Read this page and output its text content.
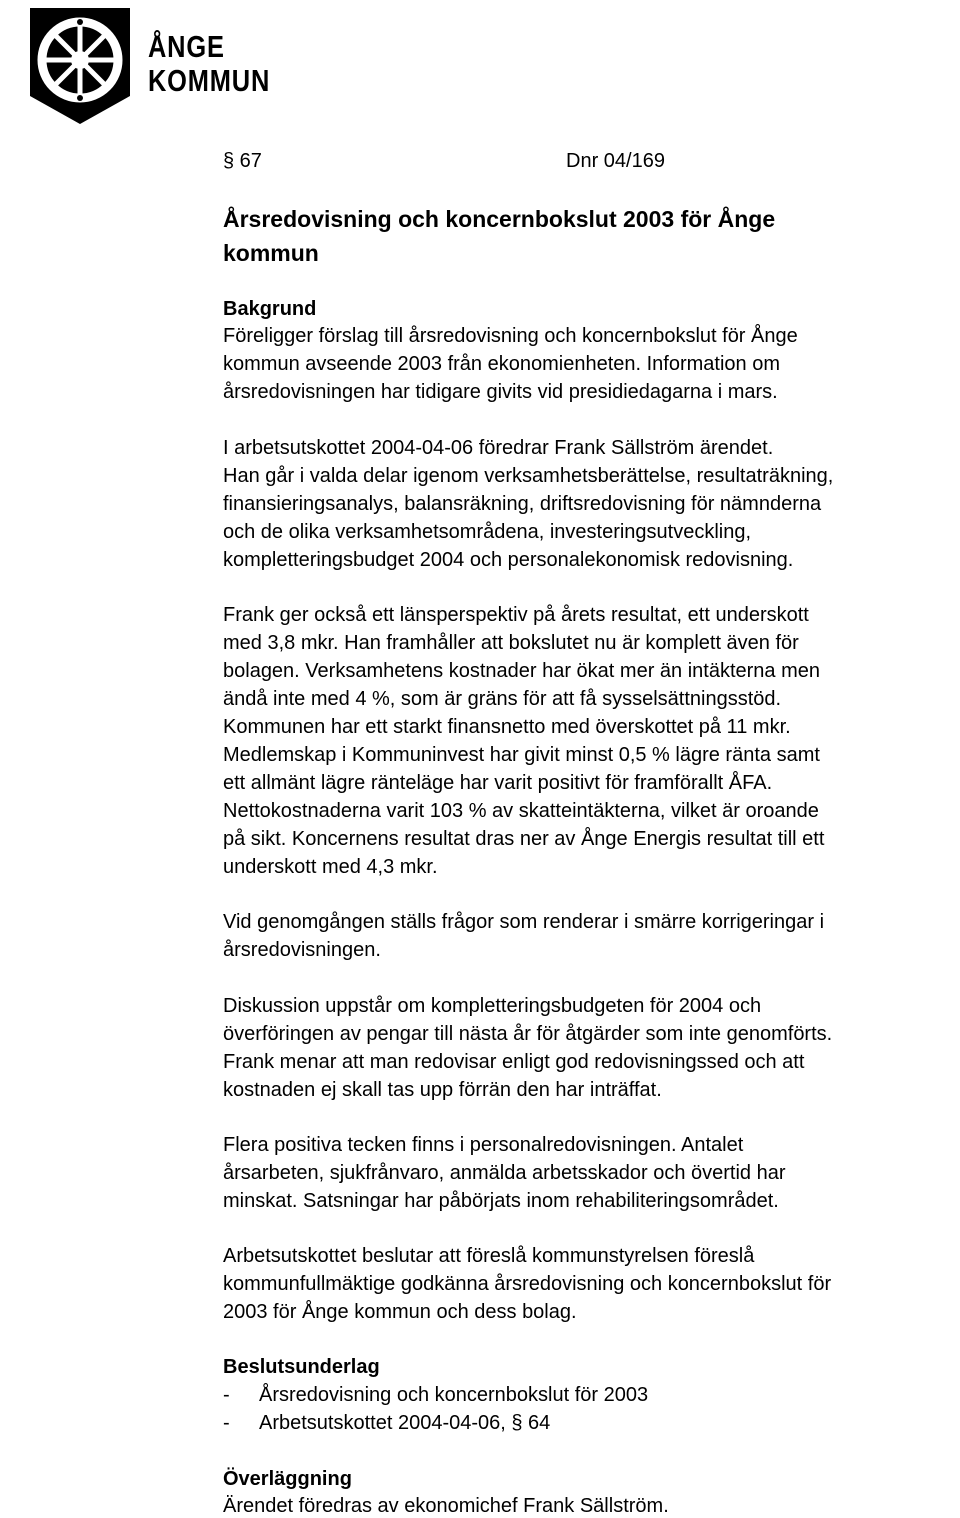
ÅNGE
KOMMUN
§ 67	Dnr 04/169
Årsredovisning och koncernbokslut 2003 för Ånge
kommun
Bakgrund
Föreligger förslag till årsredovisning och koncernbokslut för Ånge
kommun avseende 2003 från ekonomienheten. Information om
årsredovisningen har tidigare givits vid presidiedagarna i mars.
I arbetsutskottet 2004-04-06 föredrar Frank Sällström ärendet.
Han går i valda delar igenom verksamhetsberättelse, resultaträkning,
finansieringsanalys, balansräkning, driftsredovisning för nämnderna
och de olika verksamhetsområdena, investeringsutveckling,
kompletteringsbudget 2004 och personalekonomisk redovisning.
Frank ger också ett länsperspektiv på årets resultat, ett underskott
med 3,8 mkr. Han framhåller att bokslutet nu är komplett även för
bolagen. Verksamhetens kostnader har ökat mer än intäkterna men
ändå inte med 4 %, som är gräns för att få sysselsättningsstöd.
Kommunen har ett starkt finansnetto med överskottet på 11 mkr.
Medlemskap i Kommuninvest har givit minst 0,5 % lägre ränta samt
ett allmänt lägre ränteläge har varit positivt för framförallt ÅFA.
Nettokostnaderna varit 103 % av skatteintäkterna, vilket är oroande
på sikt. Koncernens resultat dras ner av Ånge Energis resultat till ett
underskott med 4,3 mkr.
Vid genomgången ställs frågor som renderar i smärre korrigeringar i
årsredovisningen.
Diskussion uppstår om kompletteringsbudgeten för 2004 och
överföringen av pengar till nästa år för åtgärder som inte genomförts.
Frank menar att man redovisar enligt god redovisningssed och att
kostnaden ej skall tas upp förrän den har inträffat.
Flera positiva tecken finns i personalredovisningen. Antalet
årsarbeten, sjukfrånvaro, anmälda arbetsskador och övertid har
minskat. Satsningar har påbörjats inom rehabiliteringsområdet.
Arbetsutskottet beslutar att föreslå kommunstyrelsen föreslå
kommunfullmäktige godkänna årsredovisning och koncernbokslut för
2003 för Ånge kommun och dess bolag.
Beslutsunderlag
- Årsredovisning och koncernbokslut för 2003
- Arbetsutskottet 2004-04-06, § 64
Överläggning
Ärendet föredras av ekonomichef Frank Sällström.
